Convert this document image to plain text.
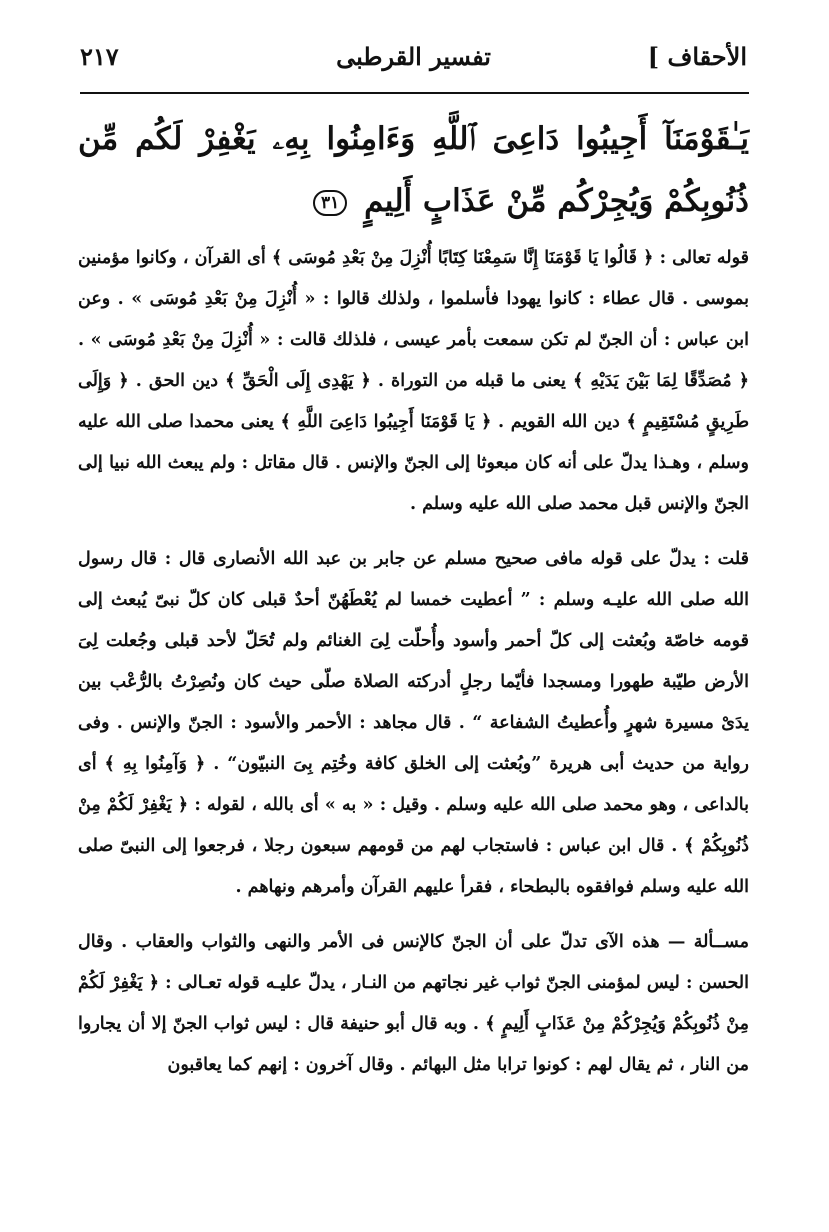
الأحقاف ]
تفسير القرطبى
٢١٧
يَـٰقَوْمَنَآ أَجِيبُوا دَاعِىَ ٱللَّهِ وَءَامِنُوا بِهِۦ يَغْفِرْ لَكُم مِّن ذُنُوبِكُمْ وَيُجِرْكُم مِّنْ عَذَابٍ أَلِيمٍ ٣١

قوله تعالى : ﴿ قَالُوا يَا قَوْمَنَا إِنَّا سَمِعْنَا كِتَابًا أُنْزِلَ مِنْ بَعْدِ مُوسَى ﴾ أى القرآن ، وكانوا مؤمنين بموسى . قال عطاء : كانوا يهودا فأسلموا ، ولذلك قالوا : « أُنْزِلَ مِنْ بَعْدِ مُوسَى » . وعن ابن عباس : أن الجنّ لم تكن سمعت بأمر عيسى ، فلذلك قالت : « أُنْزِلَ مِنْ بَعْدِ مُوسَى » . ﴿ مُصَدِّقًا لِمَا بَيْنَ يَدَيْهِ ﴾ يعنى ما قبله من التوراة . ﴿ يَهْدِى إِلَى الْحَقِّ ﴾ دين الحق . ﴿ وَإِلَى طَرِيقٍ مُسْتَقِيمٍ ﴾ دين الله القويم . ﴿ يَا قَوْمَنَا أَجِيبُوا دَاعِىَ اللَّهِ ﴾ يعنى محمدا صلى الله عليه وسلم ، وهـذا يدلّ على أنه كان مبعوثا إلى الجنّ والإنس . قال مقاتل : ولم يبعث الله نبيا إلى الجنّ والإنس قبل محمد صلى الله عليه وسلم .

قلت : يدلّ على قوله مافى صحيح مسلم عن جابر بن عبد الله الأنصارى قال : قال رسول الله صلى الله عليـه وسلم : ” أعطيت خمسا لم يُعْطَهُنّ أحدٌ قبلى كان كلّ نبىّ يُبعث إلى قومه خاصّة وبُعثت إلى كلّ أحمر وأسود وأُحلّت لِىَ الغنائم ولم تُحَلّ لأحد قبلى وجُعلت لِىَ الأرض طيّبة طهورا ومسجدا فأيّما رجلٍ أدركته الصلاة صلّى حيث كان ونُصِرْتُ بالرُّعْب بين يدَىْ مسيرة شهرٍ وأُعطيتُ الشفاعة “ . قال مجاهد : الأحمر والأسود : الجنّ والإنس . وفى رواية من حديث أبى هريرة ”وبُعثت إلى الخلق كافة وخُتِم بِىَ النبيّون“ . ﴿ وَآمِنُوا بِهِ ﴾ أى بالداعى ، وهو محمد صلى الله عليه وسلم . وقيل : « به » أى بالله ، لقوله : ﴿ يَغْفِرْ لَكُمْ مِنْ ذُنُوبِكُمْ ﴾ . قال ابن عباس : فاستجاب لهم من قومهم سبعون رجلا ، فرجعوا إلى النبىّ صلى الله عليه وسلم فوافقوه بالبطحاء ، فقرأ عليهم القرآن وأمرهم ونهاهم .

مســألة — هذه الآى تدلّ على أن الجنّ كالإنس فى الأمر والنهى والثواب والعقاب . وقال الحسن : ليس لمؤمنى الجنّ ثواب غير نجاتهم من النـار ، يدلّ عليـه قوله تعـالى : ﴿ يَغْفِرْ لَكُمْ مِنْ ذُنُوبِكُمْ وَيُجِرْكُمْ مِنْ عَذَابٍ أَلِيمٍ ﴾ . وبه قال أبو حنيفة قال : ليس ثواب الجنّ إلا أن يجاروا من النار ، ثم يقال لهم : كونوا ترابا مثل البهائم . وقال آخرون : إنهم كما يعاقبون
